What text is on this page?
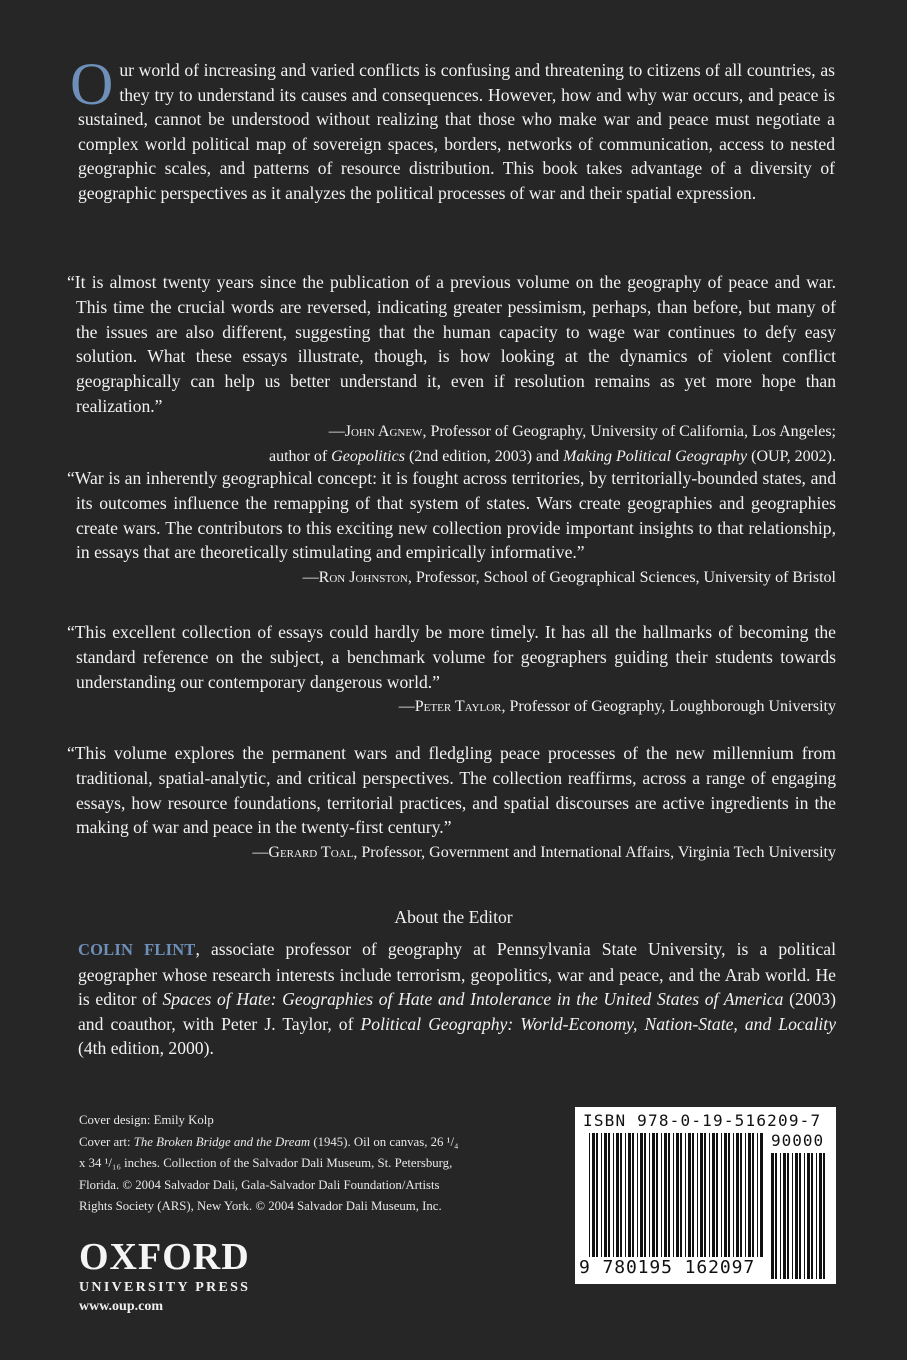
O ur world of increasing and varied conflicts is confusing and threatening to citizens of all countries, as they try to understand its causes and consequences. However, how and why war occurs, and peace is sustained, cannot be understood without realizing that those who make war and peace must negotiate a complex world political map of sovereign spaces, borders, networks of communication, access to nested geographic scales, and patterns of resource distribution. This book takes advantage of a diversity of geographic perspectives as it analyzes the political processes of war and their spatial expression.

“It is almost twenty years since the publication of a previous volume on the geography of peace and war. This time the crucial words are reversed, indicating greater pessimism, perhaps, than before, but many of the issues are also different, suggesting that the human capacity to wage war continues to defy easy solution. What these essays illustrate, though, is how looking at the dynamics of violent conflict geographically can help us better understand it, even if resolution remains as yet more hope than realization.”

—John Agnew, Professor of Geography, University of California, Los Angeles;
author of Geopolitics (2nd edition, 2003) and Making Political Geography (OUP, 2002).

“War is an inherently geographical concept: it is fought across territories, by territorially-bounded states, and its outcomes influence the remapping of that system of states. Wars create geographies and geographies create wars. The contributors to this exciting new collection provide important insights to that relationship, in essays that are theoretically stimulating and empirically informative.”

—Ron Johnston, Professor, School of Geographical Sciences, University of Bristol

“This excellent collection of essays could hardly be more timely. It has all the hallmarks of becoming the standard reference on the subject, a benchmark volume for geographers guiding their students towards understanding our contemporary dangerous world.”

—Peter Taylor, Professor of Geography, Loughborough University

“This volume explores the permanent wars and fledgling peace processes of the new millennium from traditional, spatial-analytic, and critical perspectives. The collection reaffirms, across a range of engaging essays, how resource foundations, territorial practices, and spatial discourses are active ingredients in the making of war and peace in the twenty-first century.”

—Gerard Toal, Professor, Government and International Affairs, Virginia Tech University
About the Editor
COLIN FLINT, associate professor of geography at Pennsylvania State University, is a political geographer whose research interests include terrorism, geopolitics, war and peace, and the Arab world. He is editor of Spaces of Hate: Geographies of Hate and Intolerance in the United States of America (2003) and coauthor, with Peter J. Taylor, of Political Geography: World-Economy, Nation-State, and Locality (4th edition, 2000).
Cover design: Emily Kolp
Cover art: The Broken Bridge and the Dream (1945). Oil on canvas, 26 ¹/₄
x 34 ¹/₁₆ inches. Collection of the Salvador Dali Museum, St. Petersburg,
Florida. © 2004 Salvador Dali, Gala-Salvador Dali Foundation/Artists
Rights Society (ARS), New York. © 2004 Salvador Dali Museum, Inc.
OXFORD
UNIVERSITY PRESS
www.oup.com
ISBN 978-0-19-516209-7
90000
9 780195 162097
